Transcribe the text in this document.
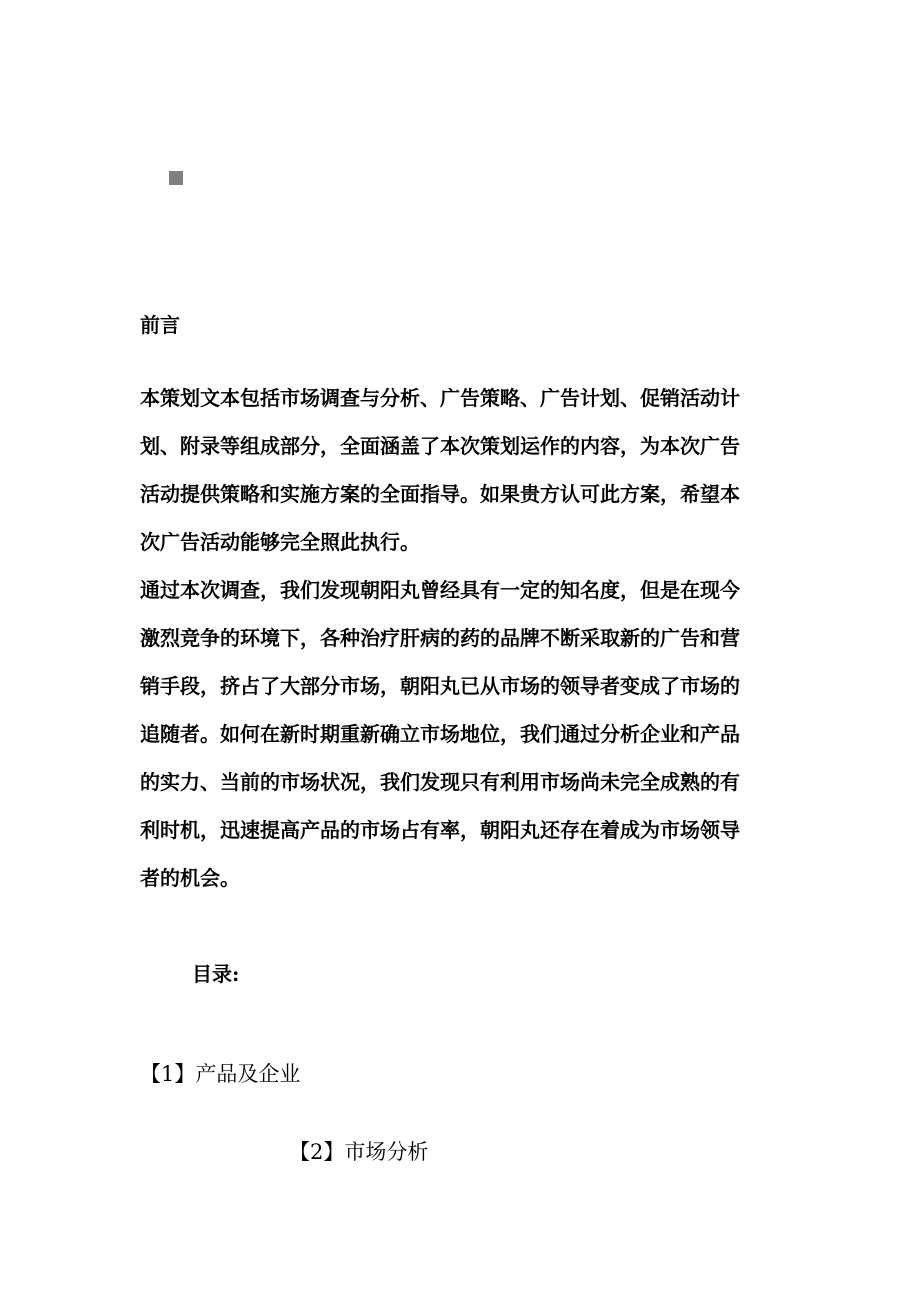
前言
本策划文本包括市场调查与分析、广告策略、广告计划、促销活动计
划、附录等组成部分，全面涵盖了本次策划运作的内容，为本次广告
活动提供策略和实施方案的全面指导。如果贵方认可此方案，希望本
次广告活动能够完全照此执行。
通过本次调查，我们发现朝阳丸曾经具有一定的知名度，但是在现今
激烈竞争的环境下，各种治疗肝病的药的品牌不断采取新的广告和营
销手段，挤占了大部分市场，朝阳丸已从市场的领导者变成了市场的
追随者。如何在新时期重新确立市场地位，我们通过分析企业和产品
的实力、当前的市场状况，我们发现只有利用市场尚未完全成熟的有
利时机，迅速提高产品的市场占有率，朝阳丸还存在着成为市场领导
者的机会。
目录:
【1】产品及企业
【2】市场分析
